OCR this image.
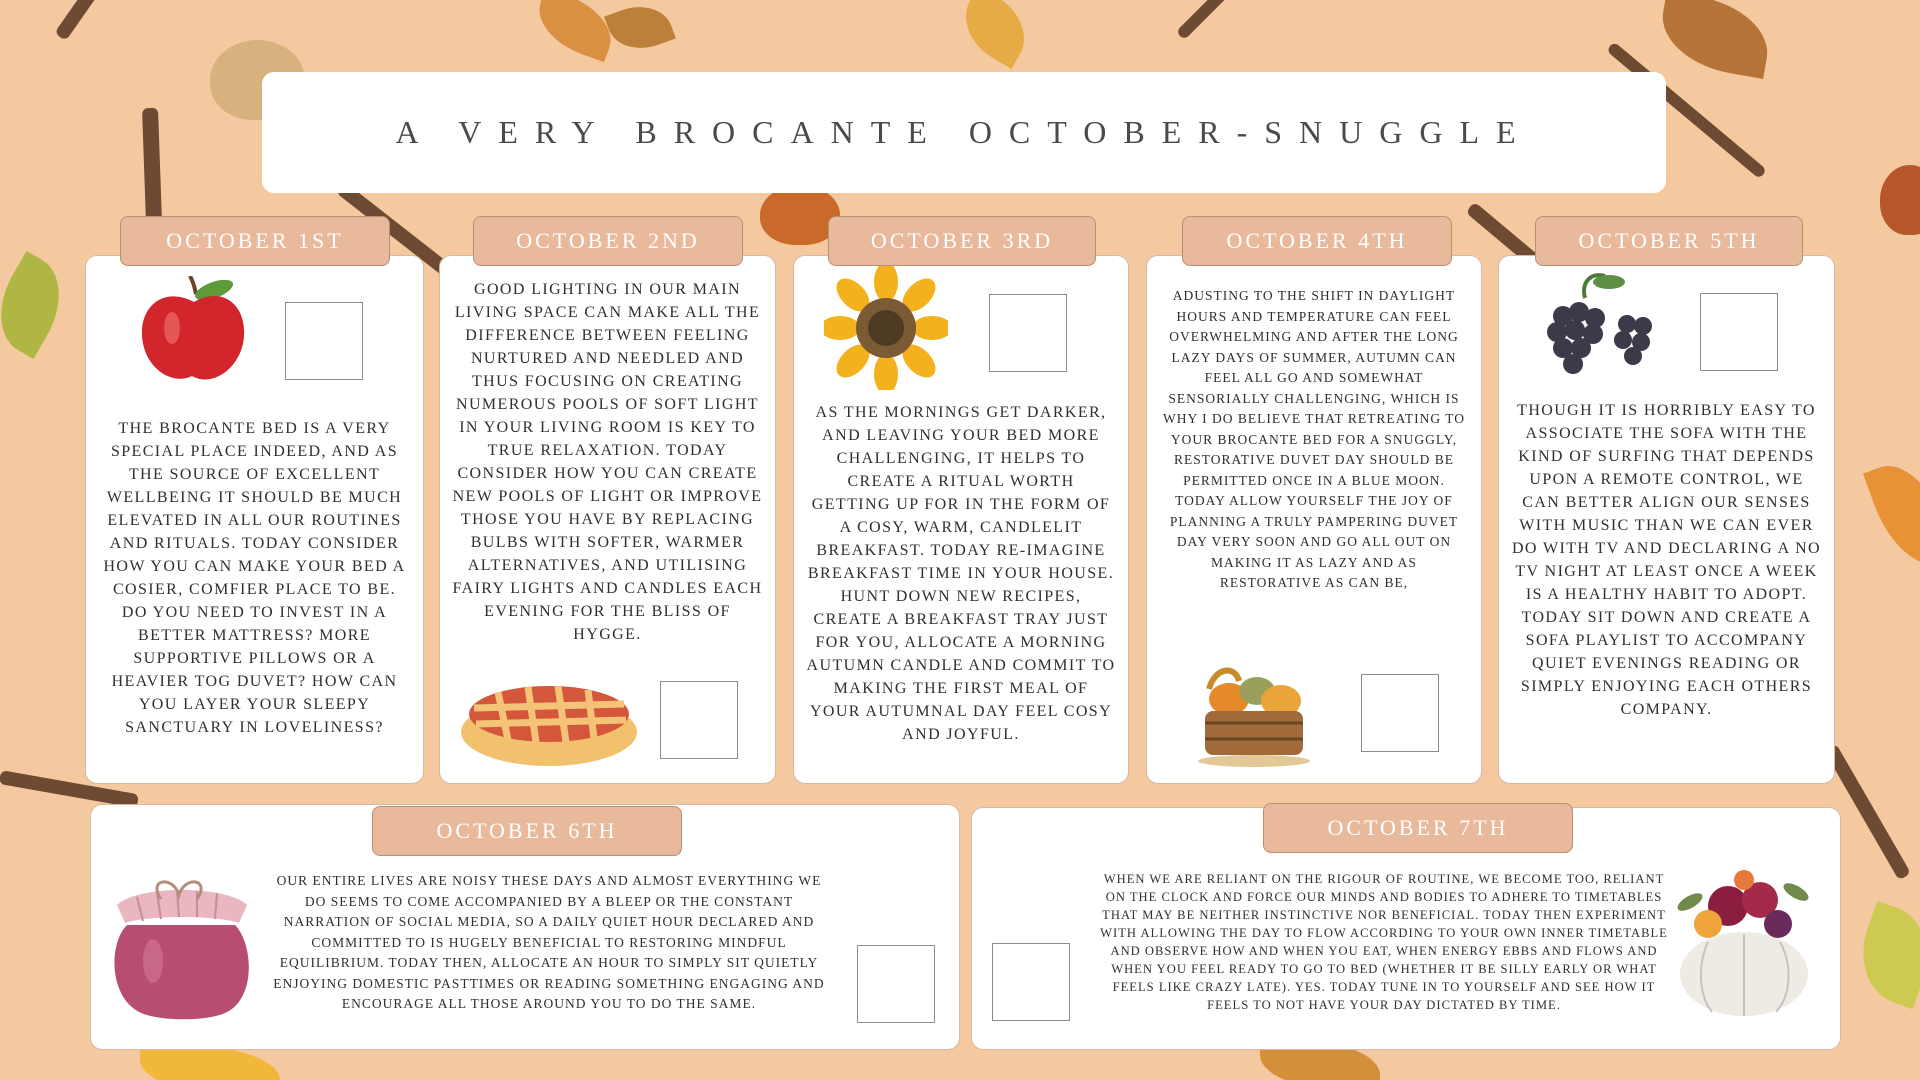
A VERY BROCANTE OCTOBER-SNUGGLE
THE BROCANTE BED IS A VERY SPECIAL PLACE INDEED, AND AS THE SOURCE OF EXCELLENT WELLBEING IT SHOULD BE MUCH ELEVATED IN ALL OUR ROUTINES AND RITUALS. TODAY CONSIDER HOW YOU CAN MAKE YOUR BED A COSIER, COMFIER PLACE TO BE. DO YOU NEED TO INVEST IN A BETTER MATTRESS? MORE SUPPORTIVE PILLOWS OR A HEAVIER TOG DUVET? HOW CAN YOU LAYER YOUR SLEEPY SANCTUARY IN LOVELINESS?
OCTOBER 1ST
GOOD LIGHTING IN OUR MAIN LIVING SPACE CAN MAKE ALL THE DIFFERENCE BETWEEN FEELING NURTURED AND NEEDLED AND THUS FOCUSING ON CREATING NUMEROUS POOLS OF SOFT LIGHT IN YOUR LIVING ROOM IS KEY TO TRUE RELAXATION. TODAY CONSIDER HOW YOU CAN CREATE NEW POOLS OF LIGHT OR IMPROVE THOSE YOU HAVE BY REPLACING BULBS WITH SOFTER, WARMER ALTERNATIVES, AND UTILISING FAIRY LIGHTS AND CANDLES EACH EVENING FOR THE BLISS OF HYGGE.
OCTOBER 2ND
AS THE MORNINGS GET DARKER, AND LEAVING YOUR BED MORE CHALLENGING, IT HELPS TO CREATE A RITUAL WORTH GETTING UP FOR IN THE FORM OF A COSY, WARM, CANDLELIT BREAKFAST. TODAY RE-IMAGINE BREAKFAST TIME IN YOUR HOUSE. HUNT DOWN NEW RECIPES, CREATE A BREAKFAST TRAY JUST FOR YOU, ALLOCATE A MORNING AUTUMN CANDLE AND COMMIT TO MAKING THE FIRST MEAL OF YOUR AUTUMNAL DAY FEEL COSY AND JOYFUL.
OCTOBER 3RD
ADUSTING TO THE SHIFT IN DAYLIGHT HOURS AND TEMPERATURE CAN FEEL OVERWHELMING AND AFTER THE LONG LAZY DAYS OF SUMMER, AUTUMN CAN FEEL ALL GO AND SOMEWHAT SENSORIALLY CHALLENGING, WHICH IS WHY I DO BELIEVE THAT RETREATING TO YOUR BROCANTE BED FOR A SNUGGLY, RESTORATIVE DUVET DAY SHOULD BE PERMITTED ONCE IN A BLUE MOON. TODAY ALLOW YOURSELF THE JOY OF PLANNING A TRULY PAMPERING DUVET DAY VERY SOON AND GO ALL OUT ON MAKING IT AS LAZY AND AS RESTORATIVE AS CAN BE,
OCTOBER 4TH
THOUGH IT IS HORRIBLY EASY TO ASSOCIATE THE SOFA WITH THE KIND OF SURFING THAT DEPENDS UPON A REMOTE CONTROL, WE CAN BETTER ALIGN OUR SENSES WITH MUSIC THAN WE CAN EVER DO WITH TV AND DECLARING A NO TV NIGHT AT LEAST ONCE A WEEK IS A HEALTHY HABIT TO ADOPT. TODAY SIT DOWN AND CREATE A SOFA PLAYLIST TO ACCOMPANY QUIET EVENINGS READING OR SIMPLY ENJOYING EACH OTHERS COMPANY.
OCTOBER 5TH
OUR ENTIRE LIVES ARE NOISY THESE DAYS AND ALMOST EVERYTHING WE DO SEEMS TO COME ACCOMPANIED BY A BLEEP OR THE CONSTANT NARRATION OF SOCIAL MEDIA, SO A DAILY QUIET HOUR DECLARED AND COMMITTED TO IS HUGELY BENEFICIAL TO RESTORING MINDFUL EQUILIBRIUM. TODAY THEN, ALLOCATE AN HOUR TO SIMPLY SIT QUIETLY ENJOYING DOMESTIC PASTTIMES OR READING SOMETHING ENGAGING AND ENCOURAGE ALL THOSE AROUND YOU TO DO THE SAME.
OCTOBER 6TH
WHEN WE ARE RELIANT ON THE RIGOUR OF ROUTINE, WE BECOME TOO, RELIANT ON THE CLOCK AND FORCE OUR MINDS AND BODIES TO ADHERE TO TIMETABLES THAT MAY BE NEITHER INSTINCTIVE NOR BENEFICIAL. TODAY THEN EXPERIMENT WITH ALLOWING THE DAY TO FLOW ACCORDING TO YOUR OWN INNER TIMETABLE AND OBSERVE HOW AND WHEN YOU EAT, WHEN ENERGY EBBS AND FLOWS AND WHEN YOU FEEL READY TO GO TO BED (WHETHER IT BE SILLY EARLY OR WHAT FEELS LIKE CRAZY LATE). YES. TODAY TUNE IN TO YOURSELF AND SEE HOW IT FEELS TO NOT HAVE YOUR DAY DICTATED BY TIME.
OCTOBER 7TH
